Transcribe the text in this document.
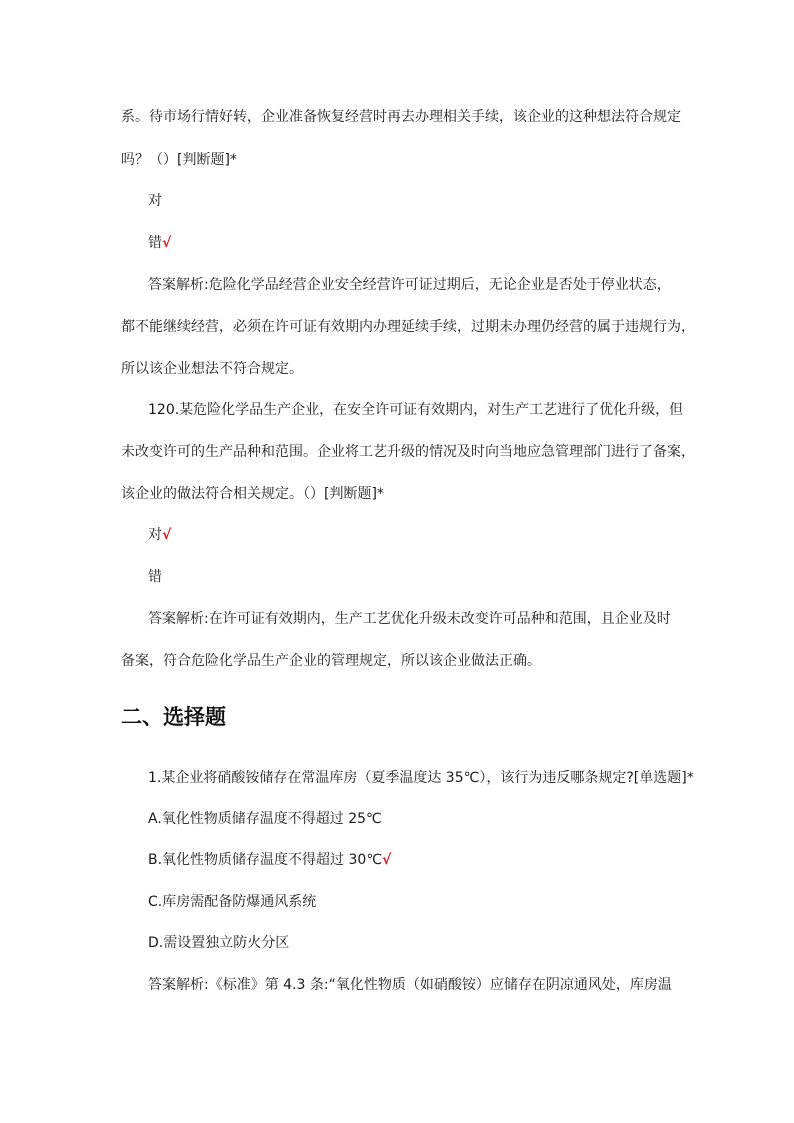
系。待市场行情好转，企业准备恢复经营时再去办理相关手续，该企业的这种想法符合规定
吗？（）[判断题]*
对
错√
答案解析:危险化学品经营企业安全经营许可证过期后，无论企业是否处于停业状态，
都不能继续经营，必须在许可证有效期内办理延续手续，过期未办理仍经营的属于违规行为，
所以该企业想法不符合规定。
120.某危险化学品生产企业，在安全许可证有效期内，对生产工艺进行了优化升级，但
未改变许可的生产品种和范围。企业将工艺升级的情况及时向当地应急管理部门进行了备案，
该企业的做法符合相关规定。（）[判断题]*
对√
错
答案解析:在许可证有效期内，生产工艺优化升级未改变许可品种和范围，且企业及时
备案，符合危险化学品生产企业的管理规定，所以该企业做法正确。
二、选择题
1.某企业将硝酸铵储存在常温库房（夏季温度达 35℃），该行为违反哪条规定?[单选题]*
A.氧化性物质储存温度不得超过 25℃
B.氧化性物质储存温度不得超过 30℃√
C.库房需配备防爆通风系统
D.需设置独立防火分区
答案解析:《标准》第 4.3 条:“氧化性物质（如硝酸铵）应储存在阴凉通风处，库房温
